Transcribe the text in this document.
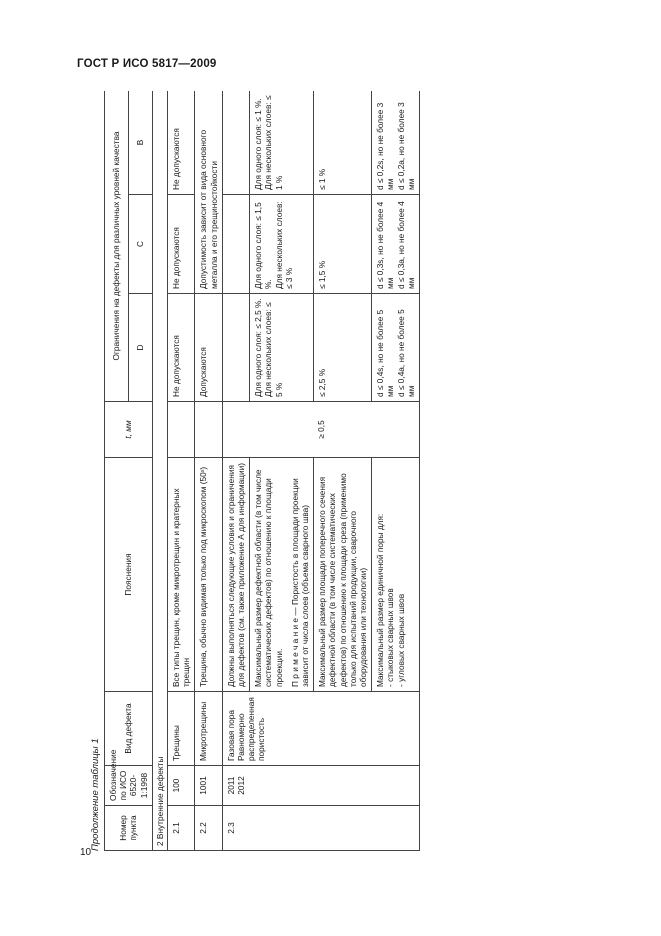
ГОСТ Р ИСО 5817—2009
Продолжение таблицы 1 Номер пункта	Обозначение по ИСО 6520-1:1998	Вид дефекта	Пояснения	t, мм	Ограничения на дефекты для различных уровней качества		
					D	C	B
2 Внутренние дефекты							
2.1	100	Трещины	Все типы трещин, кроме микротрещин и кратерных трещин		Не допускаются	Не допускаются	Не допускаются
2.2	1001	Микротрещины	Трещина, обычно видимая только под микроскопом (50ˣ)		Допускаются	Допустимость зависит от вида основного металла и его трещиностойкости	
2.3	2011 2012	Газовая пора Равномерно распределенная пористость	Должны выполняться следующие условия и ограничения для дефектов (см. также приложение А для информации)	≥ 0,5			

			Максимальный размер дефектной области (в том числе систематических дефектов) по отношению к площади проекции. П р и м е ч а н и е — Пористость в площади проекции зависит от числа слоев (объема сварного шва)		Для одного слоя: ≤ 2,5 %. Для нескольких слоев: ≤ 5 %	Для одного слоя: ≤ 1,5 %. Для нескольких слоев: ≤ 3 %	Для одного слоя: ≤ 1 %. Для нескольких слоев: ≤ 1 %

			Максимальный размер площади поперечного сечения дефектной области (в том числе систематических дефектов) по отношению к площади среза (применимо только для испытаний продукции, сварочного оборудования или технологии)		≤ 2,5 %	≤ 1,5 %	≤ 1 %

			Максимальный размер единичной поры для: - стыковых сварных швов - угловых сварных швов		d ≤ 0,4s, но не более 5 мм d ≤ 0,4a, но не более 5 мм	d ≤ 0,3s, но не более 4 мм d ≤ 0,3a, но не более 4 мм	d ≤ 0,2s, но не более 3 мм d ≤ 0,2a, но не более 3 мм
10
